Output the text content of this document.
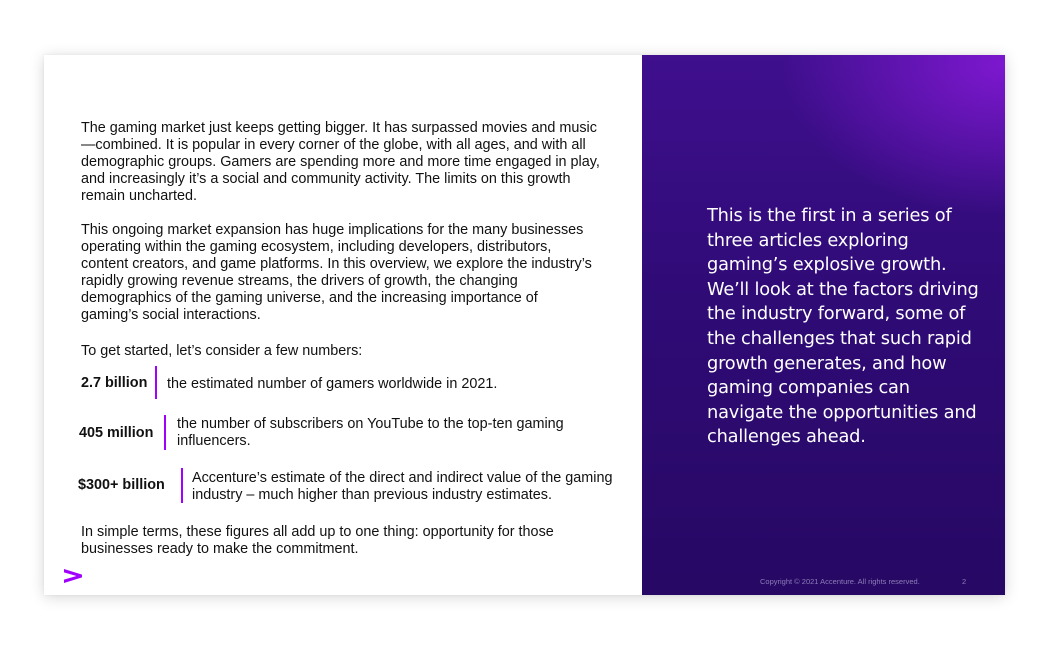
The gaming market just keeps getting bigger. It has surpassed movies and music—combined. It is popular in every corner of the globe, with all ages, and with all demographic groups. Gamers are spending more and more time engaged in play, and increasingly it’s a social and community activity. The limits on this growth remain uncharted.

This ongoing market expansion has huge implications for the many businesses operating within the gaming ecosystem, including developers, distributors, content creators, and game platforms. In this overview, we explore the industry’s rapidly growing revenue streams, the drivers of growth, the changing demographics of the gaming universe, and the increasing importance of gaming’s social interactions.

To get started, let’s consider a few numbers:

2.7 billion the estimated number of gamers worldwide in 2021.
405 million
the number of subscribers on YouTube to the top-ten gaming influencers.
$300+ billion Accenture’s estimate of the direct and indirect value of the gaming industry – much higher than previous industry estimates.

In simple terms, these figures all add up to one thing: opportunity for those businesses ready to make the commitment.

This is the first in a series of three articles exploring gaming’s explosive growth. We’ll look at the factors driving the industry forward, some of the challenges that such rapid growth generates, and how gaming companies can navigate the opportunities and challenges ahead.

Copyright © 2021 Accenture. All rights reserved.	2
